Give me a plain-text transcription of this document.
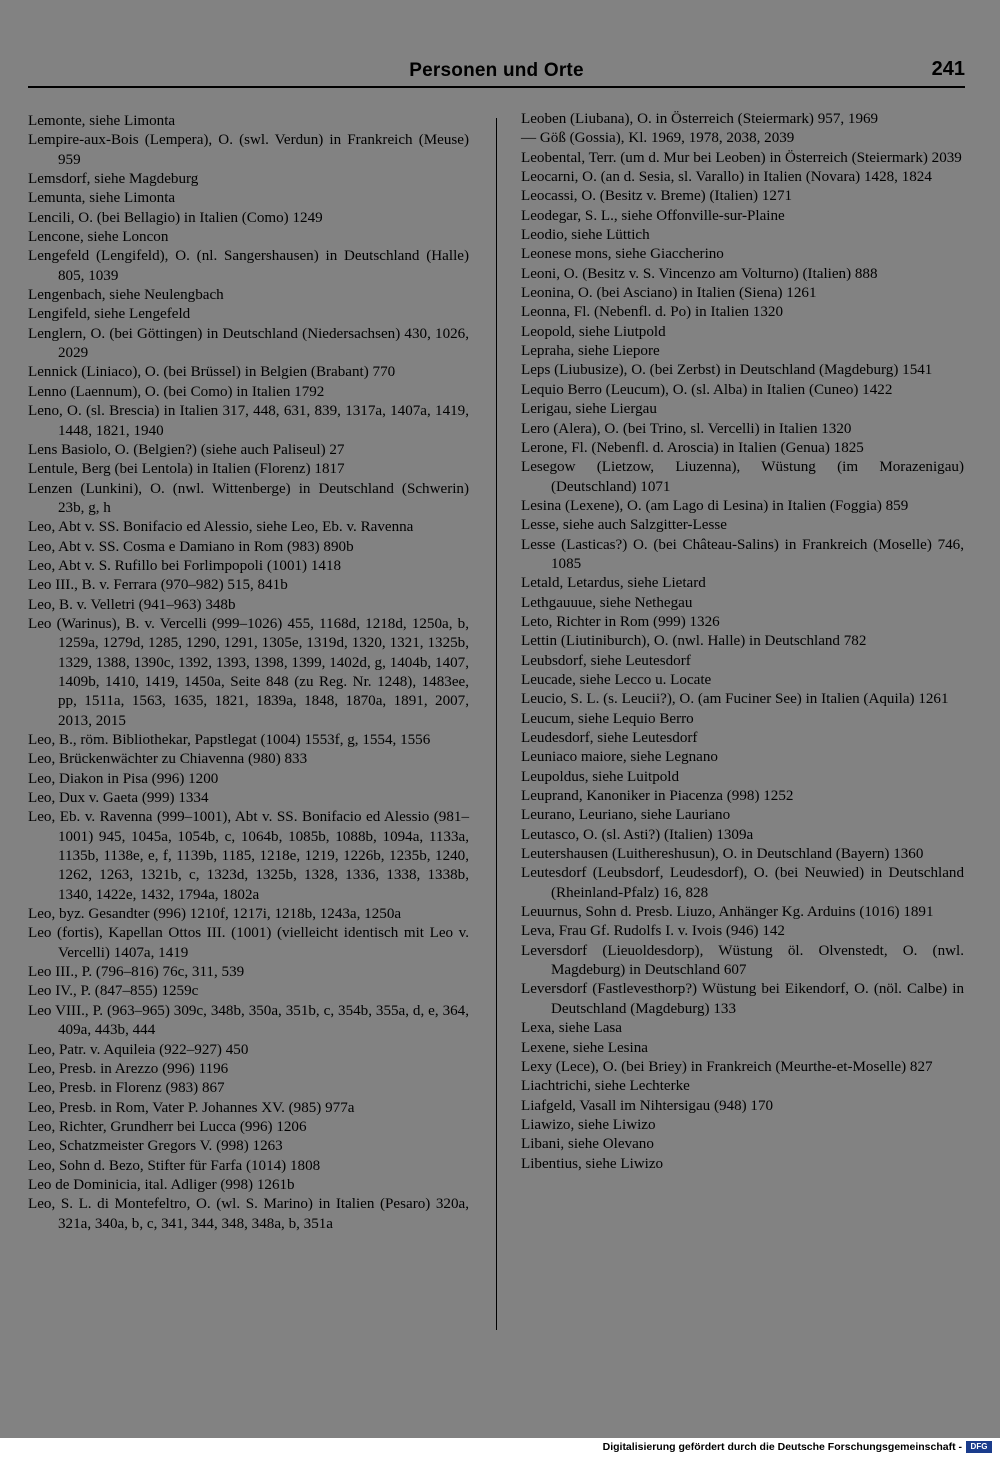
Personen und Orte	241
Lemonte, siehe Limonta
Lempire-aux-Bois (Lempera), O. (swl. Verdun) in Frankreich (Meuse) 959
Lemsdorf, siehe Magdeburg
Lemunta, siehe Limonta
Lencili, O. (bei Bellagio) in Italien (Como) 1249
Lencone, siehe Loncon
Lengefeld (Lengifeld), O. (nl. Sangershausen) in Deutschland (Halle) 805, 1039
Lengenbach, siehe Neulengbach
Lengifeld, siehe Lengefeld
Lenglern, O. (bei Göttingen) in Deutschland (Niedersachsen) 430, 1026, 2029
Lennick (Liniaco), O. (bei Brüssel) in Belgien (Brabant) 770
Lenno (Laennum), O. (bei Como) in Italien 1792
Leno, O. (sl. Brescia) in Italien 317, 448, 631, 839, 1317a, 1407a, 1419, 1448, 1821, 1940
Lens Basiolo, O. (Belgien?) (siehe auch Paliseul) 27
Lentule, Berg (bei Lentola) in Italien (Florenz) 1817
Lenzen (Lunkini), O. (nwl. Wittenberge) in Deutschland (Schwerin) 23b, g, h
Leo, Abt v. SS. Bonifacio ed Alessio, siehe Leo, Eb. v. Ravenna
Leo, Abt v. SS. Cosma e Damiano in Rom (983) 890b
Leo, Abt v. S. Rufillo bei Forlimpopoli (1001) 1418
Leo III., B. v. Ferrara (970–982) 515, 841b
Leo, B. v. Velletri (941–963) 348b
Leo (Warinus), B. v. Vercelli (999–1026) 455, 1168d, 1218d, 1250a, b, 1259a, 1279d, 1285, 1290, 1291, 1305e, 1319d, 1320, 1321, 1325b, 1329, 1388, 1390c, 1392, 1393, 1398, 1399, 1402d, g, 1404b, 1407, 1409b, 1410, 1419, 1450a, Seite 848 (zu Reg. Nr. 1248), 1483ee, pp, 1511a, 1563, 1635, 1821, 1839a, 1848, 1870a, 1891, 2007, 2013, 2015
Leo, B., röm. Bibliothekar, Papstlegat (1004) 1553f, g, 1554, 1556
Leo, Brückenwächter zu Chiavenna (980) 833
Leo, Diakon in Pisa (996) 1200
Leo, Dux v. Gaeta (999) 1334
Leo, Eb. v. Ravenna (999–1001), Abt v. SS. Bonifacio ed Alessio (981–1001) 945, 1045a, 1054b, c, 1064b, 1085b, 1088b, 1094a, 1133a, 1135b, 1138e, e, f, 1139b, 1185, 1218e, 1219, 1226b, 1235b, 1240, 1262, 1263, 1321b, c, 1323d, 1325b, 1328, 1336, 1338, 1338b, 1340, 1422e, 1432, 1794a, 1802a
Leo, byz. Gesandter (996) 1210f, 1217i, 1218b, 1243a, 1250a
Leo (fortis), Kapellan Ottos III. (1001) (vielleicht identisch mit Leo v. Vercelli) 1407a, 1419
Leo III., P. (796–816) 76c, 311, 539
Leo IV., P. (847–855) 1259c
Leo VIII., P. (963–965) 309c, 348b, 350a, 351b, c, 354b, 355a, d, e, 364, 409a, 443b, 444
Leo, Patr. v. Aquileia (922–927) 450
Leo, Presb. in Arezzo (996) 1196
Leo, Presb. in Florenz (983) 867
Leo, Presb. in Rom, Vater P. Johannes XV. (985) 977a
Leo, Richter, Grundherr bei Lucca (996) 1206
Leo, Schatzmeister Gregors V. (998) 1263
Leo, Sohn d. Bezo, Stifter für Farfa (1014) 1808
Leo de Dominicia, ital. Adliger (998) 1261b
Leo, S. L. di Montefeltro, O. (wl. S. Marino) in Italien (Pesaro) 320a, 321a, 340a, b, c, 341, 344, 348, 348a, b, 351a
Leoben (Liubana), O. in Österreich (Steiermark) 957, 1969
— Göß (Gossia), Kl. 1969, 1978, 2038, 2039
Leobental, Terr. (um d. Mur bei Leoben) in Österreich (Steiermark) 2039
Leocarni, O. (an d. Sesia, sl. Varallo) in Italien (Novara) 1428, 1824
Leocassi, O. (Besitz v. Breme) (Italien) 1271
Leodegar, S. L., siehe Offonville-sur-Plaine
Leodio, siehe Lüttich
Leonese mons, siehe Giaccherino
Leoni, O. (Besitz v. S. Vincenzo am Volturno) (Italien) 888
Leonina, O. (bei Asciano) in Italien (Siena) 1261
Leonna, Fl. (Nebenfl. d. Po) in Italien 1320
Leopold, siehe Liutpold
Lepraha, siehe Liepore
Leps (Liubusize), O. (bei Zerbst) in Deutschland (Magdeburg) 1541
Lequio Berro (Leucum), O. (sl. Alba) in Italien (Cuneo) 1422
Lerigau, siehe Liergau
Lero (Alera), O. (bei Trino, sl. Vercelli) in Italien 1320
Lerone, Fl. (Nebenfl. d. Aroscia) in Italien (Genua) 1825
Lesegow (Lietzow, Liuzenna), Wüstung (im Morazenigau) (Deutschland) 1071
Lesina (Lexene), O. (am Lago di Lesina) in Italien (Foggia) 859
Lesse, siehe auch Salzgitter-Lesse
Lesse (Lasticas?) O. (bei Château-Salins) in Frankreich (Moselle) 746, 1085
Letald, Letardus, siehe Lietard
Lethgauuue, siehe Nethegau
Leto, Richter in Rom (999) 1326
Lettin (Liutiniburch), O. (nwl. Halle) in Deutschland 782
Leubsdorf, siehe Leutesdorf
Leucade, siehe Lecco u. Locate
Leucio, S. L. (s. Leucii?), O. (am Fuciner See) in Italien (Aquila) 1261
Leucum, siehe Lequio Berro
Leudesdorf, siehe Leutesdorf
Leuniaco maiore, siehe Legnano
Leupoldus, siehe Luitpold
Leuprand, Kanoniker in Piacenza (998) 1252
Leurano, Leuriano, siehe Lauriano
Leutasco, O. (sl. Asti?) (Italien) 1309a
Leutershausen (Luithereshusun), O. in Deutschland (Bayern) 1360
Leutesdorf (Leubsdorf, Leudesdorf), O. (bei Neuwied) in Deutschland (Rheinland-Pfalz) 16, 828
Leuurnus, Sohn d. Presb. Liuzo, Anhänger Kg. Arduins (1016) 1891
Leva, Frau Gf. Rudolfs I. v. Ivois (946) 142
Leversdorf (Lieuoldesdorp), Wüstung öl. Olvenstedt, O. (nwl. Magdeburg) in Deutschland 607
Leversdorf (Fastlevesthorp?) Wüstung bei Eikendorf, O. (nöl. Calbe) in Deutschland (Magdeburg) 133
Lexa, siehe Lasa
Lexene, siehe Lesina
Lexy (Lece), O. (bei Briey) in Frankreich (Meurthe-et-Moselle) 827
Liachtrichi, siehe Lechterke
Liafgeld, Vasall im Nihtersigau (948) 170
Liawizo, siehe Liwizo
Libani, siehe Olevano
Libentius, siehe Liwizo
Digitalisierung gefördert durch die Deutsche Forschungsgemeinschaft -	DFG
